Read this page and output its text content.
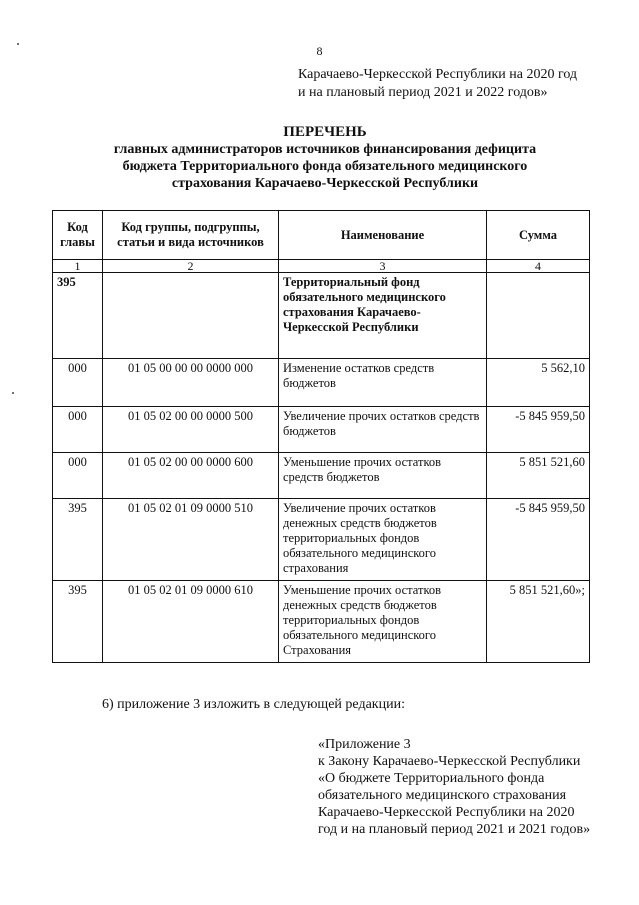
8
Карачаево-Черкесской Республики на 2020 год
и на плановый период 2021 и 2022 годов»
ПЕРЕЧЕНЬ
главных администраторов источников финансирования дефицита
бюджета Территориального фонда обязательного медицинского
страхования Карачаево-Черкесской Республики
Код главы	Код группы, подгруппы, статьи и вида источников	Наименование	Сумма
1	2	3	4
395		Территориальный фонд обязательного медицинского страхования Карачаево-Черкесской Республики	
000	01 05 00 00 00 0000 000	Изменение остатков средств бюджетов	5 562,10
000	01 05 02 00 00 0000 500	Увеличение прочих остатков средств бюджетов	-5 845 959,50
000	01 05 02 00 00 0000 600	Уменьшение прочих остатков средств бюджетов	5 851 521,60
395	01 05 02 01 09 0000 510	Увеличение прочих остатков денежных средств бюджетов территориальных фондов обязательного медицинского страхования	-5 845 959,50
395	01 05 02 01 09 0000 610	Уменьшение прочих остатков денежных средств бюджетов территориальных фондов обязательного медицинского Страхования	5 851 521,60»;
6) приложение 3 изложить в следующей редакции:
«Приложение 3
к Закону Карачаево-Черкесской Республики
«О бюджете Территориального фонда
обязательного медицинского страхования
Карачаево-Черкесской Республики на 2020
год и на плановый период 2021 и 2021 годов»
